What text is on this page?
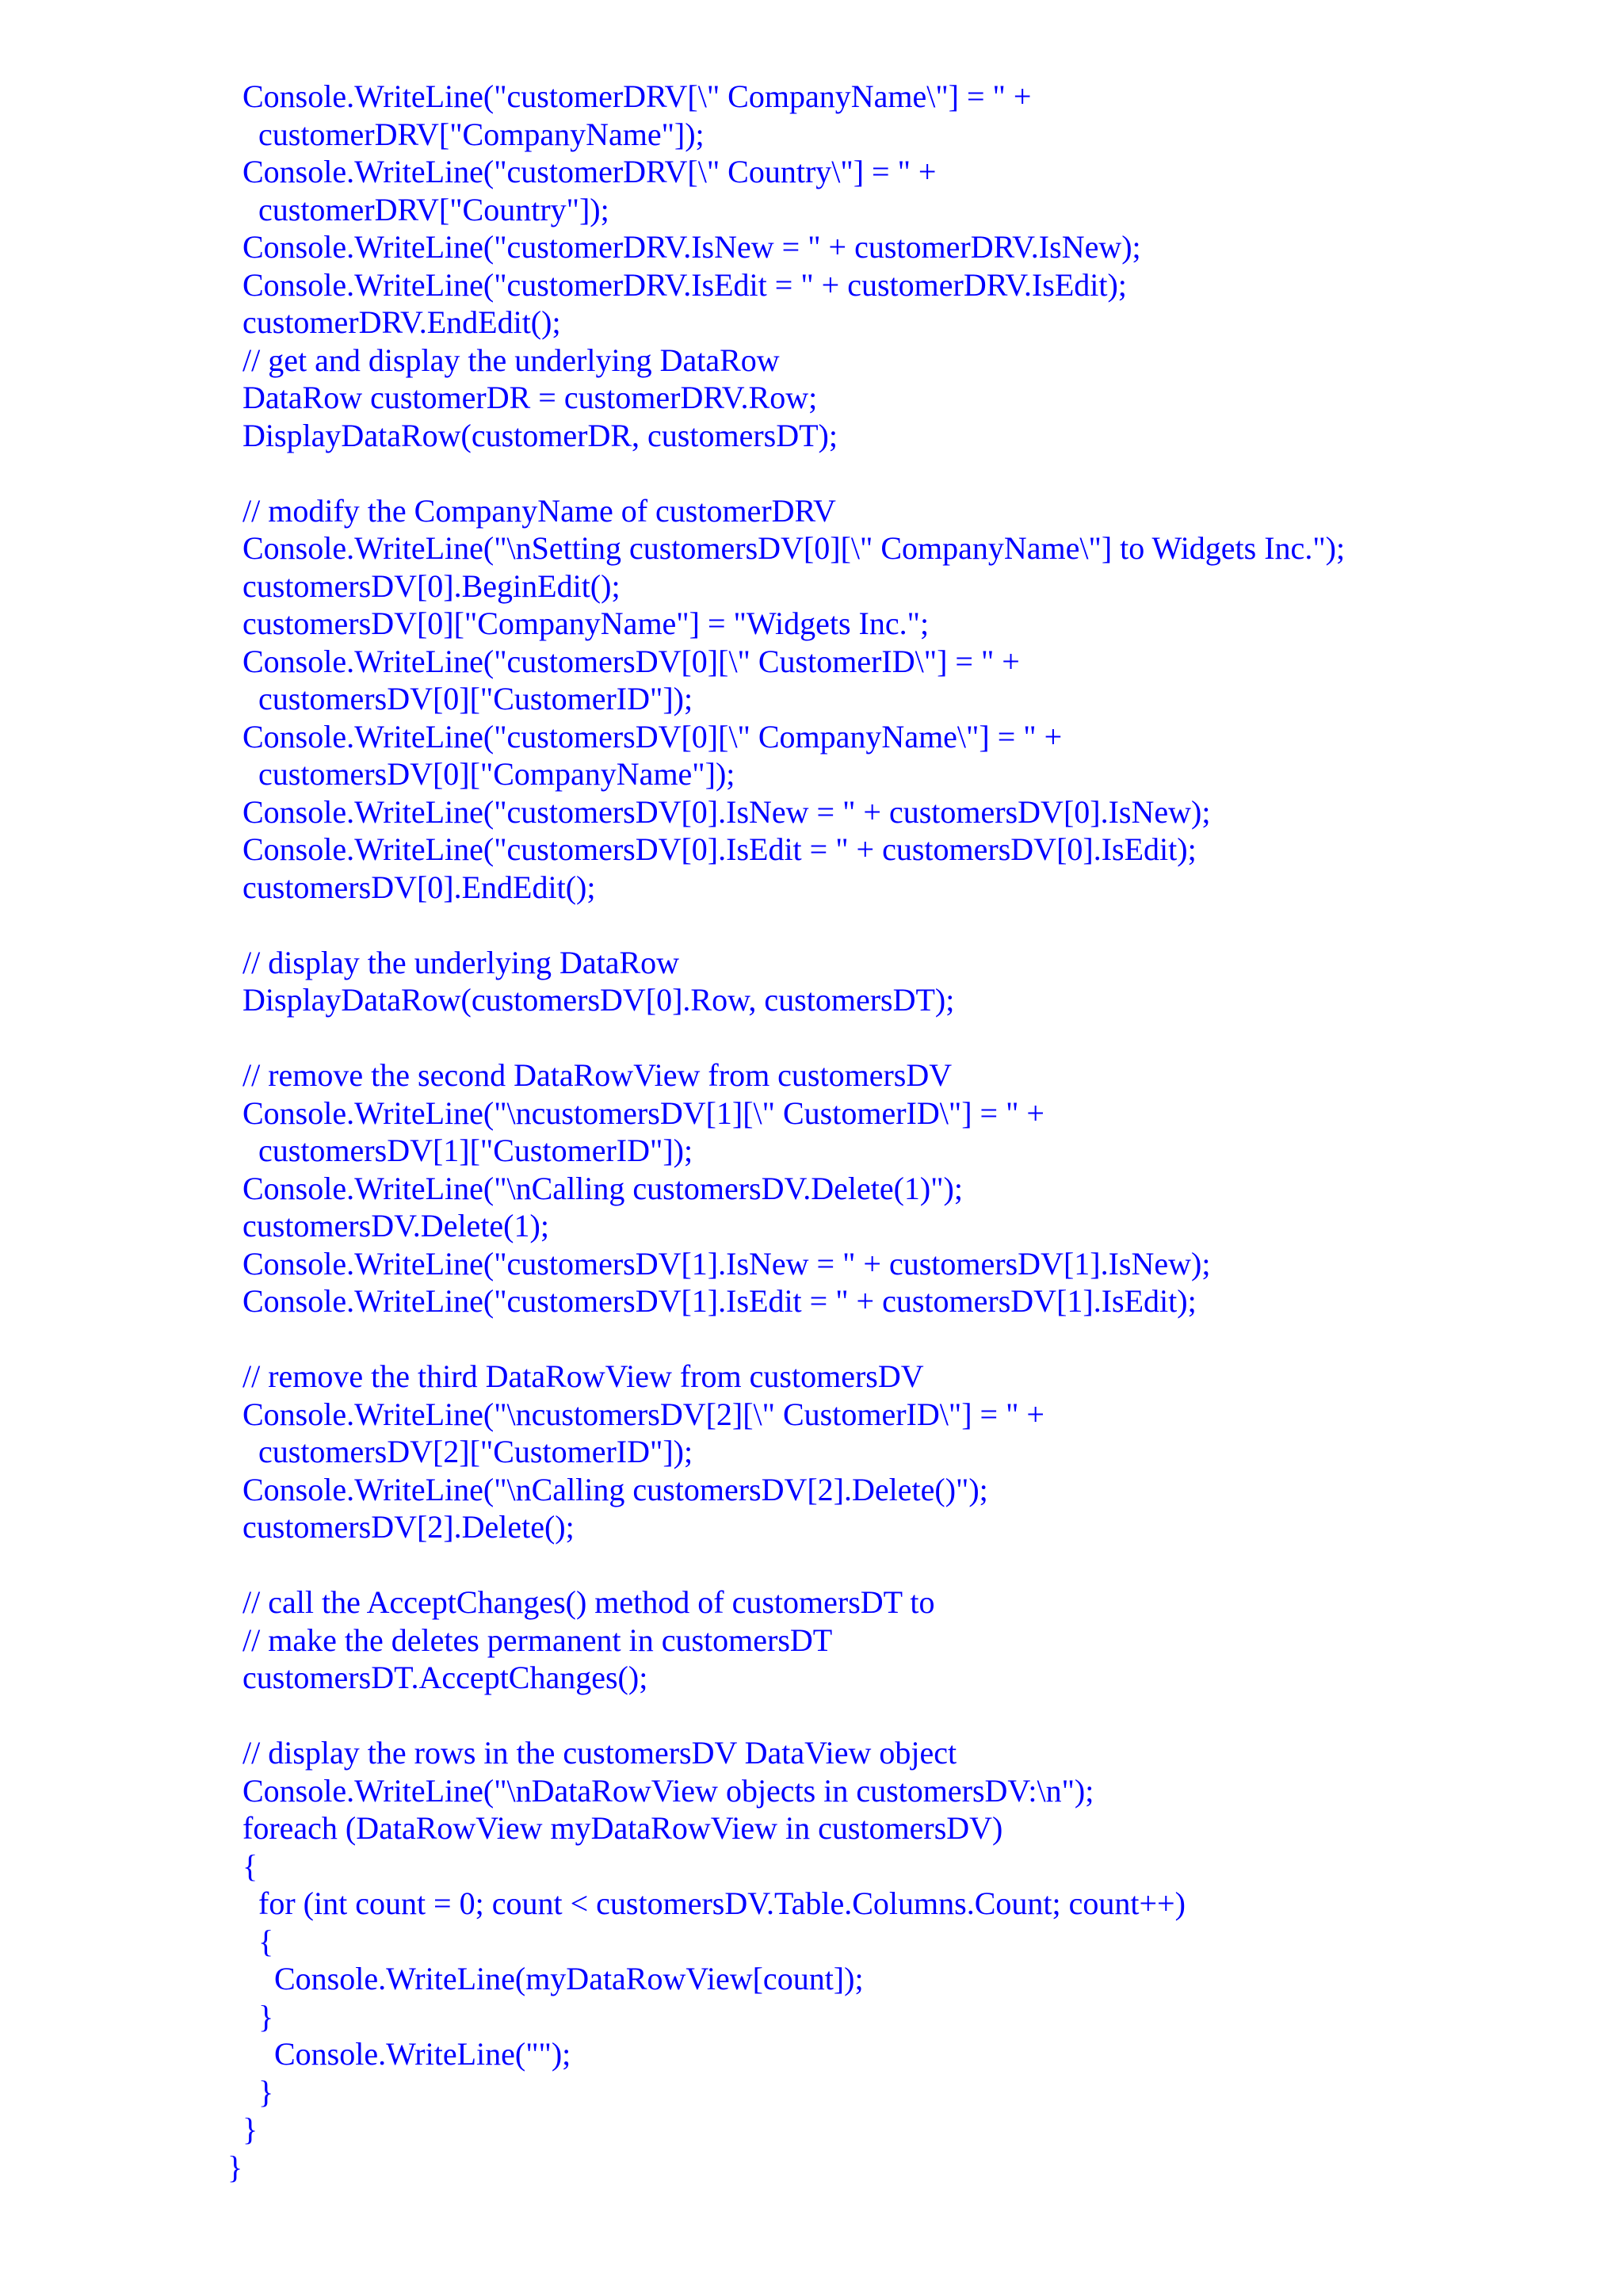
Console.WriteLine("customerDRV[\" CompanyName\"] = " +
customerDRV["CompanyName"]);
Console.WriteLine("customerDRV[\" Country\"] = " +
customerDRV["Country"]);
Console.WriteLine("customerDRV.IsNew = " + customerDRV.IsNew);
Console.WriteLine("customerDRV.IsEdit = " + customerDRV.IsEdit);
customerDRV.EndEdit();
// get and display the underlying DataRow
DataRow customerDR = customerDRV.Row;
DisplayDataRow(customerDR, customersDT);
// modify the CompanyName of customerDRV
Console.WriteLine("\nSetting customersDV[0][\" CompanyName\"] to Widgets Inc.");
customersDV[0].BeginEdit();
customersDV[0]["CompanyName"] = "Widgets Inc.";
Console.WriteLine("customersDV[0][\" CustomerID\"] = " +
customersDV[0]["CustomerID"]);
Console.WriteLine("customersDV[0][\" CompanyName\"] = " +
customersDV[0]["CompanyName"]);
Console.WriteLine("customersDV[0].IsNew = " + customersDV[0].IsNew);
Console.WriteLine("customersDV[0].IsEdit = " + customersDV[0].IsEdit);
customersDV[0].EndEdit();
// display the underlying DataRow
DisplayDataRow(customersDV[0].Row, customersDT);
// remove the second DataRowView from customersDV
Console.WriteLine("\ncustomersDV[1][\" CustomerID\"] = " +
customersDV[1]["CustomerID"]);
Console.WriteLine("\nCalling customersDV.Delete(1)");
customersDV.Delete(1);
Console.WriteLine("customersDV[1].IsNew = " + customersDV[1].IsNew);
Console.WriteLine("customersDV[1].IsEdit = " + customersDV[1].IsEdit);
// remove the third DataRowView from customersDV
Console.WriteLine("\ncustomersDV[2][\" CustomerID\"] = " +
customersDV[2]["CustomerID"]);
Console.WriteLine("\nCalling customersDV[2].Delete()");
customersDV[2].Delete();
// call the AcceptChanges() method of customersDT to
// make the deletes permanent in customersDT
customersDT.AcceptChanges();
// display the rows in the customersDV DataView object
Console.WriteLine("\nDataRowView objects in customersDV:\n");
foreach (DataRowView myDataRowView in customersDV)
{
for (int count = 0; count < customersDV.Table.Columns.Count; count++)
{
Console.WriteLine(myDataRowView[count]);
}
Console.WriteLine("");
}
}
}
